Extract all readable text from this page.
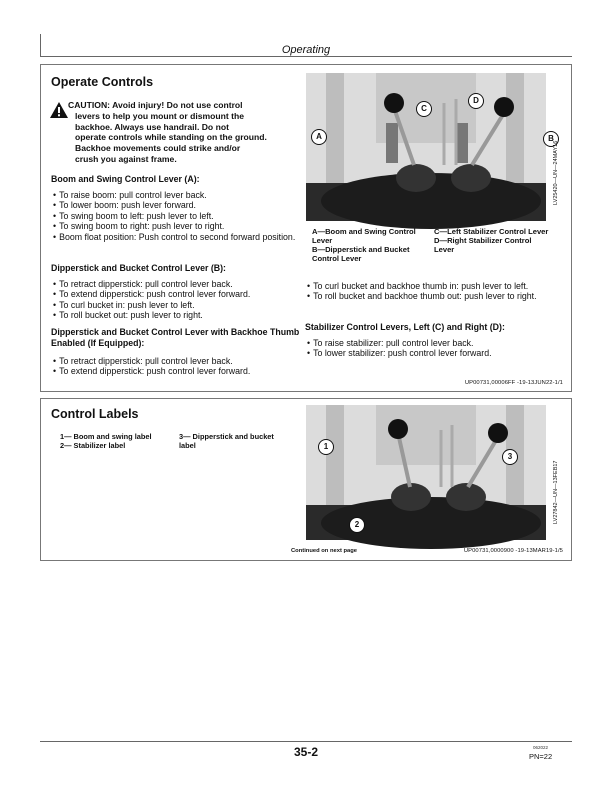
Operating
Operate Controls
CAUTION: Avoid injury! Do not use control
levers to help you mount or dismount the
backhoe. Always use handrail. Do not
operate controls while standing on the ground.
Backhoe movements could strike and/or
crush you against frame.
Boom and Swing Control Lever (A):
• To raise boom: pull control lever back.
• To lower boom: push lever forward.
• To swing boom to left: push lever to left.
• To swing boom to right: push lever to right.
• Boom float position: Push control to second forward position.
Dipperstick and Bucket Control Lever (B):
• To retract dipperstick: pull control lever back.
• To extend dipperstick: push control lever forward.
• To curl bucket in: push lever to left.
• To roll bucket out: push lever to right.
Dipperstick and Bucket Control Lever with Backhoe Thumb Enabled (If Equipped):
• To retract dipperstick: pull control lever back.
• To extend dipperstick: push control lever forward.
A
C
D
B
LV25420—UN—24MAY16
A—Boom and Swing Control Lever
B—Dipperstick and Bucket Control Lever
C—Left Stabilizer Control Lever
D—Right Stabilizer Control Lever
• To curl bucket and backhoe thumb in: push lever to left.
• To roll bucket and backhoe thumb out: push lever to right.
Stabilizer Control Levers, Left (C) and Right (D):
• To raise stabilizer: pull control lever back.
• To lower stabilizer: push control lever forward.
UP00731,00006FF -19-13JUN22-1/1
Control Labels
1— Boom and swing label
2— Stabilizer label
3— Dipperstick and bucket label	1
2
3
LV27842—UN—13FEB17
Continued on next page	UP00731,0000900 -19-13MAR19-1/5
35-2	062022
PN=22
